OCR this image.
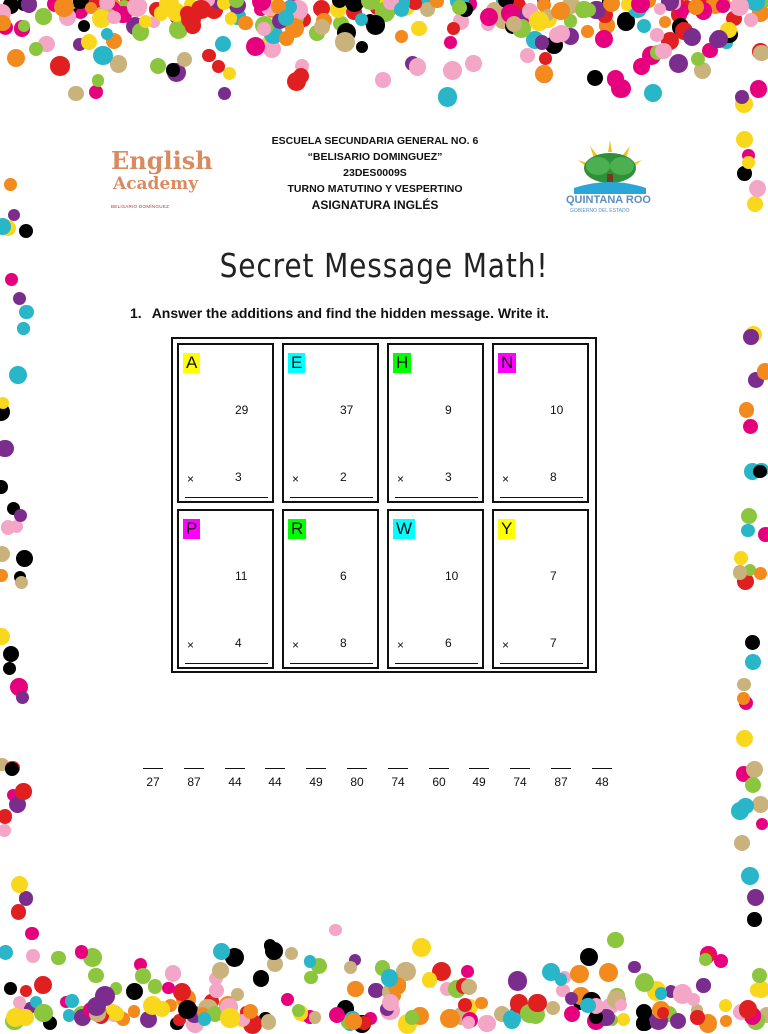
English
Academy
BELISARIO DOMÍNGUEZ
ESCUELA SECUNDARIA GENERAL NO. 6
“BELISARIO DOMINGUEZ”
23DES0009S
TURNO MATUTINO Y VESPERTINO
ASIGNATURA INGLÉS	QUINTANA ROO
GOBIERNO DEL ESTADO
Secret Message Math!
1. Answer the additions and find the hidden message. Write it.
A
29
×	3
E
37
×	2
H
9
×	3
N
10
×	8
P
11
×	4
R
6
×	8
W
10
×	6
Y
7
×	7
27	87	44	44	49	80	74	60	49	74	87	48
